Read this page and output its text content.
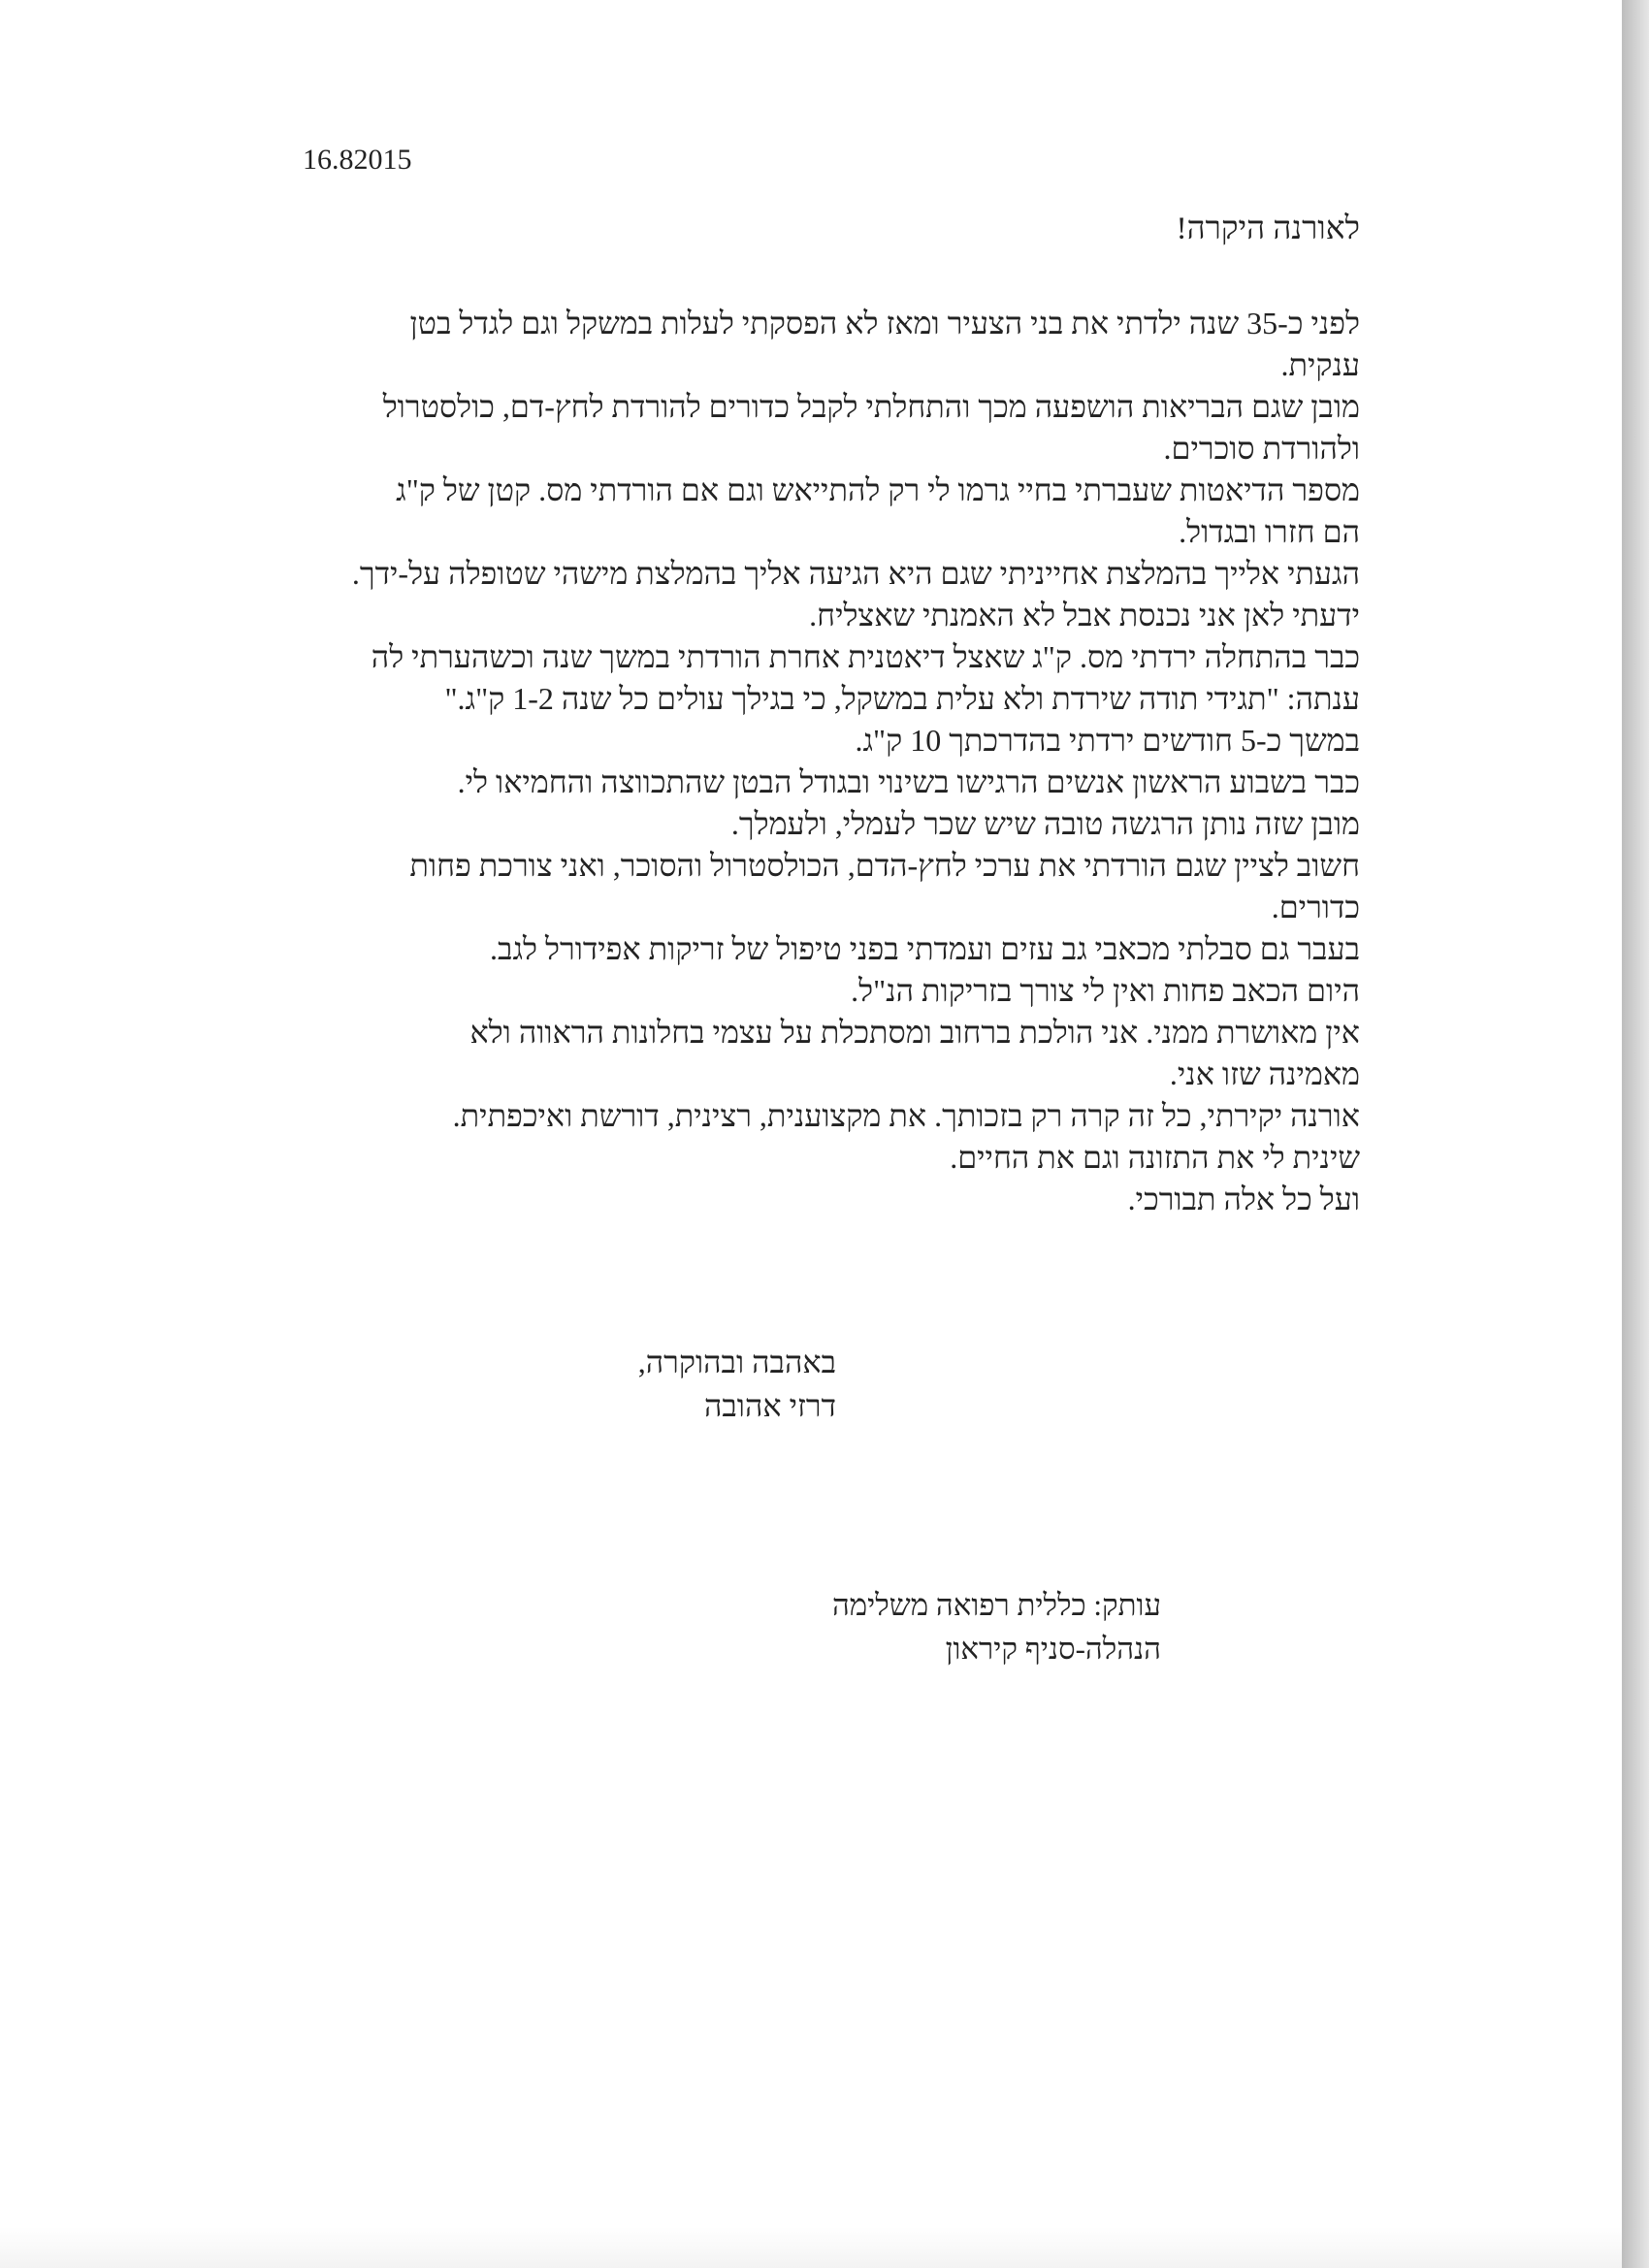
16.82015
לאורנה היקרה!
לפני כ-35 שנה ילדתי את בני הצעיר ומאז לא הפסקתי לעלות במשקל וגם לגדל בטן
ענקית.
מובן שגם הבריאות הושפעה מכך והתחלתי לקבל כדורים להורדת לחץ-דם, כולסטרול
ולהורדת סוכרים.
מספר הדיאטות שעברתי בחיי גרמו לי רק להתייאש וגם אם הורדתי מס. קטן של ק"ג
הם חזרו ובגדול.
הגעתי אלייך בהמלצת אחייניתי שגם היא הגיעה אליך בהמלצת מישהי שטופלה על-ידך.
ידעתי לאן אני נכנסת אבל לא האמנתי שאצליח.
כבר בהתחלה ירדתי מס. ק"ג שאצל דיאטנית אחרת הורדתי במשך שנה וכשהערתי לה
ענתה: "תגידי תודה שירדת ולא עלית במשקל, כי בגילך עולים כל שנה 1-2 ק"ג."
במשך כ-5 חודשים ירדתי בהדרכתך 10 ק"ג.
כבר בשבוע הראשון אנשים הרגישו בשינוי ובגודל הבטן שהתכווצה והחמיאו לי.
מובן שזה נותן הרגשה טובה שיש שכר לעמלי, ולעמלך.
חשוב לציין שגם הורדתי את ערכי לחץ-הדם, הכולסטרול והסוכר, ואני צורכת פחות
כדורים.
בעבר גם סבלתי מכאבי גב עזים ועמדתי בפני טיפול של זריקות אפידורל לגב.
היום הכאב פחות ואין לי צורך בזריקות הנ"ל.
אין מאושרת ממני. אני הולכת ברחוב ומסתכלת על עצמי בחלונות הראווה ולא
מאמינה שזו אני.
אורנה יקירתי, כל זה קרה רק בזכותך. את מקצוענית, רצינית, דורשת ואיכפתית.
שינית לי את התזונה וגם את החיים.
ועל כל אלה תבורכי.
באהבה ובהוקרה,
דרזי אהובה
עותק: כללית רפואה משלימה
הנהלה-סניף קיראון
